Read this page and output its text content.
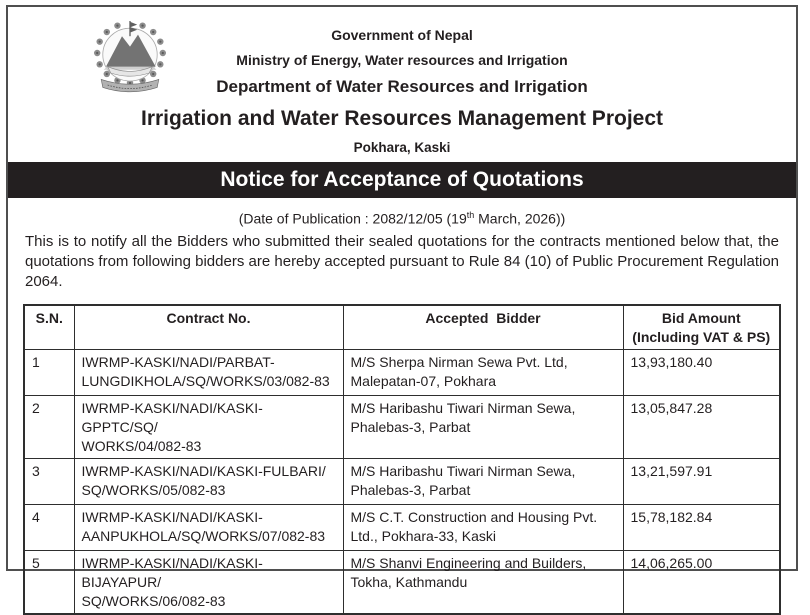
Government of Nepal
Ministry of Energy, Water resources and Irrigation
Department of Water Resources and Irrigation
Irrigation and Water Resources Management Project
Pokhara, Kaski
Notice for Acceptance of Quotations
(Date of Publication : 2082/12/05 (19th March, 2026))
This is to notify all the Bidders who submitted their sealed quotations for the contracts mentioned below that, the quotations from following bidders are hereby accepted pursuant to Rule 84 (10) of Public Procurement Regulation 2064.
S.N.	Contract No.	Accepted Bidder	Bid Amount
(Including VAT & PS)

1	IWRMP-KASKI/NADI/PARBAT-
LUNGDIKHOLA/SQ/WORKS/03/082-83	M/S Sherpa Nirman Sewa Pvt. Ltd,
Malepatan-07, Pokhara	13,93,180.40
2	IWRMP-KASKI/NADI/KASKI-GPPTC/SQ/
WORKS/04/082-83	M/S Haribashu Tiwari Nirman Sewa,
Phalebas-3, Parbat	13,05,847.28
3	IWRMP-KASKI/NADI/KASKI-FULBARI/
SQ/WORKS/05/082-83	M/S Haribashu Tiwari Nirman Sewa,
Phalebas-3, Parbat	13,21,597.91
4	IWRMP-KASKI/NADI/KASKI-
AANPUKHOLA/SQ/WORKS/07/082-83	M/S C.T. Construction and Housing Pvt.
Ltd., Pokhara-33, Kaski	15,78,182.84
5	IWRMP-KASKI/NADI/KASKI-BIJAYAPUR/
SQ/WORKS/06/082-83	M/S Shanvi Engineering and Builders,
Tokha, Kathmandu	14,06,265.00
